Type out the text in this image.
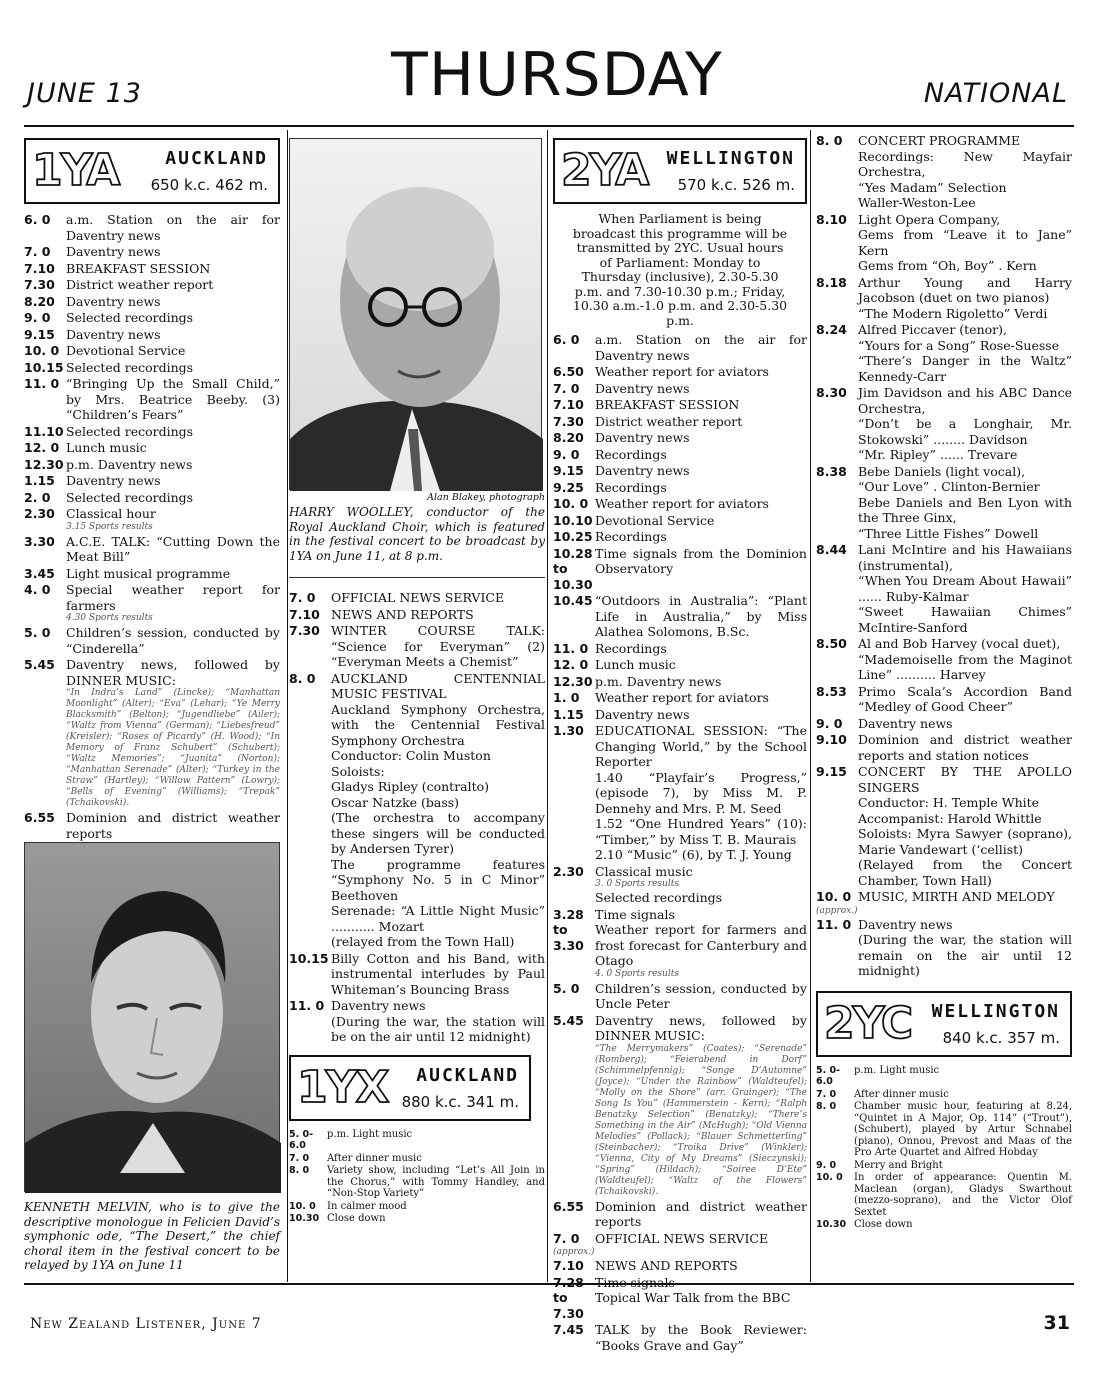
JUNE 13	THURSDAY	NATIONAL
1YA	AUCKLAND
650 k.c. 462 m.
6. 0	a.m. Station on the air for Daventry news
7. 0	Daventry news
7.10 BREAKFAST SESSION
7.30 District weather report
8.20 Daventry news
9. 0	Selected recordings
9.15 Daventry news
10. 0 Devotional Service
10.15 Selected recordings
11. 0 “Bringing Up the Small Child,” by Mrs. Beatrice Beeby. (3) “Children’s Fears”
11.10 Selected recordings
12. 0 Lunch music
12.30 p.m. Daventry news
1.15 Daventry news
2. 0	Selected recordings
2.30 Classical hour
3.15 Sports results
3.30 A.C.E. TALK: “Cutting Down the Meat Bill”
3.45 Light musical programme
4. 0	Special weather report for farmers
4.30 Sports results
5. 0	Children’s session, conducted by “Cinderella”
5.45 Daventry news, followed by DINNER MUSIC:
“In Indra’s Land” (Lincke); “Manhattan Moonlight” (Alter); “Eva” (Lehar); “Ye Merry Blacksmith” (Belton); “Jugendliebe” (Ailer); “Waltz from Vienna” (German); “Liebesfreud” (Kreisler); “Roses of Picardy” (H. Wood); “In Memory of Franz Schubert” (Schubert); “Waltz Memories”; “Juanita” (Norton); “Manhattan Serenade” (Alter); “Turkey in the Straw” (Hartley); “Willow Pattern” (Lowry); “Bells of Evening” (Williams); “Trepak” (Tchaikovski).
6.55 Dominion and district weather reports
KENNETH MELVIN, who is to give the descriptive monologue in Felicien David’s symphonic ode, “The Desert,” the chief choral item in the festival concert to be relayed by 1YA on June 11
Alan Blakey, photograph
HARRY WOOLLEY, conductor of the Royal Auckland Choir, which is featured in the festival concert to be broadcast by 1YA on June 11, at 8 p.m.
7. 0	OFFICIAL NEWS SERVICE
7.10 NEWS AND REPORTS
7.30 WINTER COURSE TALK: “Science for Everyman” (2) “Everyman Meets a Chemist”
8. 0	AUCKLAND CENTENNIAL MUSIC FESTIVAL
Auckland Symphony Orchestra, with the Centennial Festival Symphony Orchestra
Conductor: Colin Muston
Soloists:
Gladys Ripley (contralto)
Oscar Natzke (bass)
(The orchestra to accompany these singers will be conducted by Andersen Tyrer)
The programme features “Symphony No. 5 in C Minor” Beethoven
Serenade: “A Little Night Music” ........... Mozart
(relayed from the Town Hall)
10.15 Billy Cotton and his Band, with instrumental interludes by Paul Whiteman’s Bouncing Brass
11. 0 Daventry news
(During the war, the station will be on the air until 12 midnight)
1YX AUCKLAND
880 k.c. 341 m.
5. 0-6.0
p.m. Light music
7. 0	After dinner music
8. 0	Variety show, including “Let’s All Join in the Chorus,” with Tommy Handley, and “Non-Stop Variety”
10. 0	In calmer mood
10.30 Close down
2YA WELLINGTON
570 k.c. 526 m.
When Parliament is being broadcast this programme will be transmitted by 2YC. Usual hours of Parliament: Monday to Thursday (inclusive), 2.30-5.30 p.m. and 7.30-10.30 p.m.; Friday, 10.30 a.m.-1.0 p.m. and 2.30-5.30 p.m.
6. 0	a.m. Station on the air for Daventry news
6.50 Weather report for aviators
7. 0	Daventry news
7.10 BREAKFAST SESSION
7.30 District weather report
8.20 Daventry news
9. 0	Recordings
9.15 Daventry news
9.25 Recordings
10. 0 Weather report for aviators
10.10 Devotional Service
10.25 Recordings
10.28 to 10.30
Time signals from the Dominion Observatory
10.45 “Outdoors in Australia”: “Plant Life in Australia,” by Miss Alathea Solomons, B.Sc.
11. 0 Recordings
12. 0 Lunch music
12.30 p.m. Daventry news
1. 0	Weather report for aviators
1.15 Daventry news
1.30 EDUCATIONAL SESSION: “The Changing World,” by the School Reporter
1.40 “Playfair’s Progress,” (episode 7), by Miss M. P. Dennehy and Mrs. P. M. Seed
1.52 “One Hundred Years” (10): “Timber,” by Miss T. B. Maurais
2.10 “Music” (6), by T. J. Young
2.30 Classical music
3. 0 Sports results
Selected recordings
3.28 to 3.30
Time signals
Weather report for farmers and frost forecast for Canterbury and Otago
4. 0 Sports results
5. 0	Children’s session, conducted by Uncle Peter
5.45 Daventry news, followed by DINNER MUSIC:
“The Merrymakers” (Coates); “Serenade” (Romberg); “Feierabend in Dorf” (Schimmelpfennig); “Songe D’Automne” (Joyce); “Under the Rainbow” (Waldteufel); “Molly on the Shore” (arr. Grainger); “The Song Is You” (Hammerstein - Kern); “Ralph Benatzky Selection” (Benatzky); “There’s Something in the Air” (McHugh); “Old Vienna Melodies” (Pollack); “Blauer Schmetterling” (Steinbacher); “Troika Drive” (Winkler); “Vienna, City of My Dreams” (Sieczynski); “Spring” (Hildach); “Soiree D’Ete” (Waldteufel); “Waltz of the Flowers” (Tchaikovski).
6.55 Dominion and district weather reports
7. 0	OFFICIAL NEWS SERVICE
(approx.)
7.10 NEWS AND REPORTS
7.28 to 7.30
Time signals
Topical War Talk from the BBC
7.45 TALK by the Book Reviewer: “Books Grave and Gay”
8. 0	CONCERT PROGRAMME
Recordings: New Mayfair Orchestra,
“Yes Madam” Selection
Waller-Weston-Lee
8.10 Light Opera Company,
Gems from “Leave it to Jane” Kern
Gems from “Oh, Boy” . Kern
8.18 Arthur Young and Harry Jacobson (duet on two pianos)
“The Modern Rigoletto” Verdi
8.24 Alfred Piccaver (tenor),
“Yours for a Song” Rose-Suesse
“There’s Danger in the Waltz” Kennedy-Carr
8.30 Jim Davidson and his ABC Dance Orchestra,
“Don’t be a Longhair, Mr. Stokowski” ........ Davidson
“Mr. Ripley” ...... Trevare
8.38 Bebe Daniels (light vocal),
“Our Love” . Clinton-Bernier
Bebe Daniels and Ben Lyon with the Three Ginx,
“Three Little Fishes” Dowell
8.44 Lani McIntire and his Hawaiians (instrumental),
“When You Dream About Hawaii” ...... Ruby-Kalmar
“Sweet Hawaiian Chimes” McIntire-Sanford
8.50 Al and Bob Harvey (vocal duet),
“Mademoiselle from the Maginot Line” .......... Harvey
8.53 Primo Scala’s Accordion Band “Medley of Good Cheer”
9. 0	Daventry news
9.10 Dominion and district weather reports and station notices
9.15 CONCERT BY THE APOLLO SINGERS
Conductor: H. Temple White
Accompanist: Harold Whittle
Soloists: Myra Sawyer (soprano), Marie Vandewart (‘cellist)
(Relayed from the Concert Chamber, Town Hall)
10. 0 MUSIC, MIRTH AND MELODY
(approx.)
11. 0 Daventry news
(During the war, the station will remain on the air until 12 midnight)
2YC WELLINGTON
840 k.c. 357 m.
5. 0-6.0
p.m. Light music
7. 0	After dinner music
8. 0	Chamber music hour, featuring at 8.24, “Quintet in A Major, Op. 114” (“Trout”), (Schubert), played by Artur Schnabel (piano), Onnou, Prevost and Maas of the Pro Arte Quartet and Alfred Hobday
9. 0	Merry and Bright
10. 0	In order of appearance: Quentin M. Maclean (organ), Gladys Swarthout (mezzo-soprano), and the Victor Olof Sextet
10.30 Close down
New Zealand Listener, June 7	31
